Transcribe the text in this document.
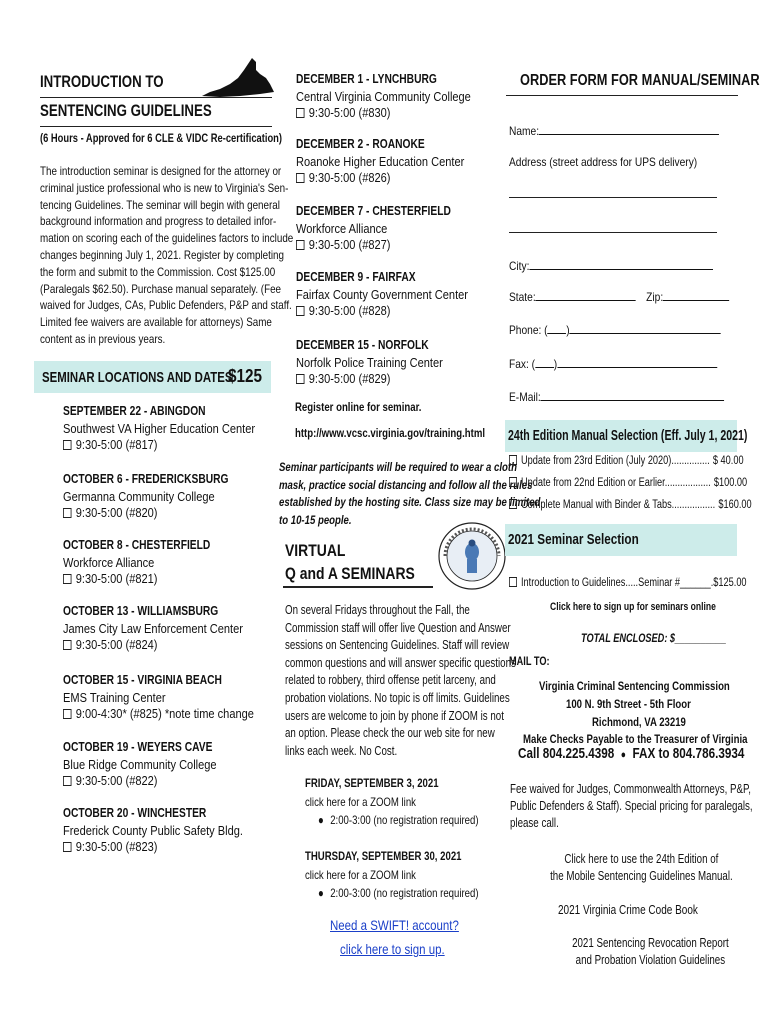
INTRODUCTION TO
SENTENCING GUIDELINES
(6 Hours - Approved for 6 CLE & VIDC Re-certification)
The introduction seminar is designed for the attorney or
criminal justice professional who is new to Virginia's Sen-
tencing Guidelines. The seminar will begin with general
background information and progress to detailed infor-
mation on scoring each of the guidelines factors to include
changes beginning July 1, 2021. Register by completing
the form and submit to the Commission. Cost $125.00
(Paralegals $62.50). Purchase manual separately. (Fee
waived for Judges, CAs, Public Defenders, P&P and staff.
Limited fee waivers are available for attorneys) Same
content as in previous years.
SEMINAR LOCATIONS AND DATES
$125
SEPTEMBER 22 - ABINGDON
Southwest VA Higher Education Center
9:30-5:00 (#817)
OCTOBER 6 - FREDERICKSBURG
Germanna Community College
9:30-5:00 (#820)
OCTOBER 8 - CHESTERFIELD
Workforce Alliance
9:30-5:00 (#821)
OCTOBER 13 - WILLIAMSBURG
James City Law Enforcement Center
9:30-5:00 (#824)
OCTOBER 15 - VIRGINIA BEACH
EMS Training Center
9:00-4:30* (#825) *note time change
OCTOBER 19 - WEYERS CAVE
Blue Ridge Community College
9:30-5:00 (#822)
OCTOBER 20 - WINCHESTER
Frederick County Public Safety Bldg.
9:30-5:00 (#823)
DECEMBER 1 - LYNCHBURG
Central Virginia Community College
9:30-5:00 (#830)
DECEMBER 2 - ROANOKE
Roanoke Higher Education Center
9:30-5:00 (#826)
DECEMBER 7 - CHESTERFIELD
Workforce Alliance
9:30-5:00 (#827)
DECEMBER 9 - FAIRFAX
Fairfax County Government Center
9:30-5:00 (#828)
DECEMBER 15 - NORFOLK
Norfolk Police Training Center
9:30-5:00 (#829)
Register online for seminar.
http://www.vcsc.virginia.gov/training.html
Seminar participants will be required to wear a cloth
mask, practice social distancing and follow all the rules
established by the hosting site. Class size may be limited
to 10-15 people.
VIRTUAL
Q and A SEMINARS
On several Fridays throughout the Fall, the
Commission staff will offer live Question and Answer
sessions on Sentencing Guidelines. Staff will review
common questions and will answer specific questions
related to robbery, third offense petit larceny, and
probation violations. No topic is off limits. Guidelines
users are welcome to join by phone if ZOOM is not
an option. Please check the our web site for new
links each week. No Cost.
FRIDAY, SEPTEMBER 3, 2021
click here for a ZOOM link
● 2:00-3:00 (no registration required)
THURSDAY, SEPTEMBER 30, 2021
click here for a ZOOM link
● 2:00-3:00 (no registration required)
Need a SWIFT! account?
click here to sign up.
ORDER FORM FOR MANUAL/SEMINAR
Name:
Address (street address for UPS delivery)
City:
State:	Zip:
Phone: ( )
Fax: ( )
E-Mail:
24th Edition Manual Selection (Eff. July 1, 2021)
Update from 23rd Edition (July 2020)............... $ 40.00
Update from 22nd Edition or Earlier.................. $100.00
Complete Manual with Binder & Tabs................. $160.00
2021 Seminar Selection
Introduction to Guidelines.....Seminar #______.$125.00
Click here to sign up for seminars online
TOTAL ENCLOSED: $__________
MAIL TO:
Virginia Criminal Sentencing Commission
100 N. 9th Street - 5th Floor
Richmond, VA 23219
Make Checks Payable to the Treasurer of Virginia
Call 804.225.4398 ● FAX to 804.786.3934
Fee waived for Judges, Commonwealth Attorneys, P&P,
Public Defenders & Staff). Special pricing for paralegals,
please call.
Click here to use the 24th Edition of
the Mobile Sentencing Guidelines Manual.
2021 Virginia Crime Code Book
2021 Sentencing Revocation Report
and Probation Violation Guidelines
